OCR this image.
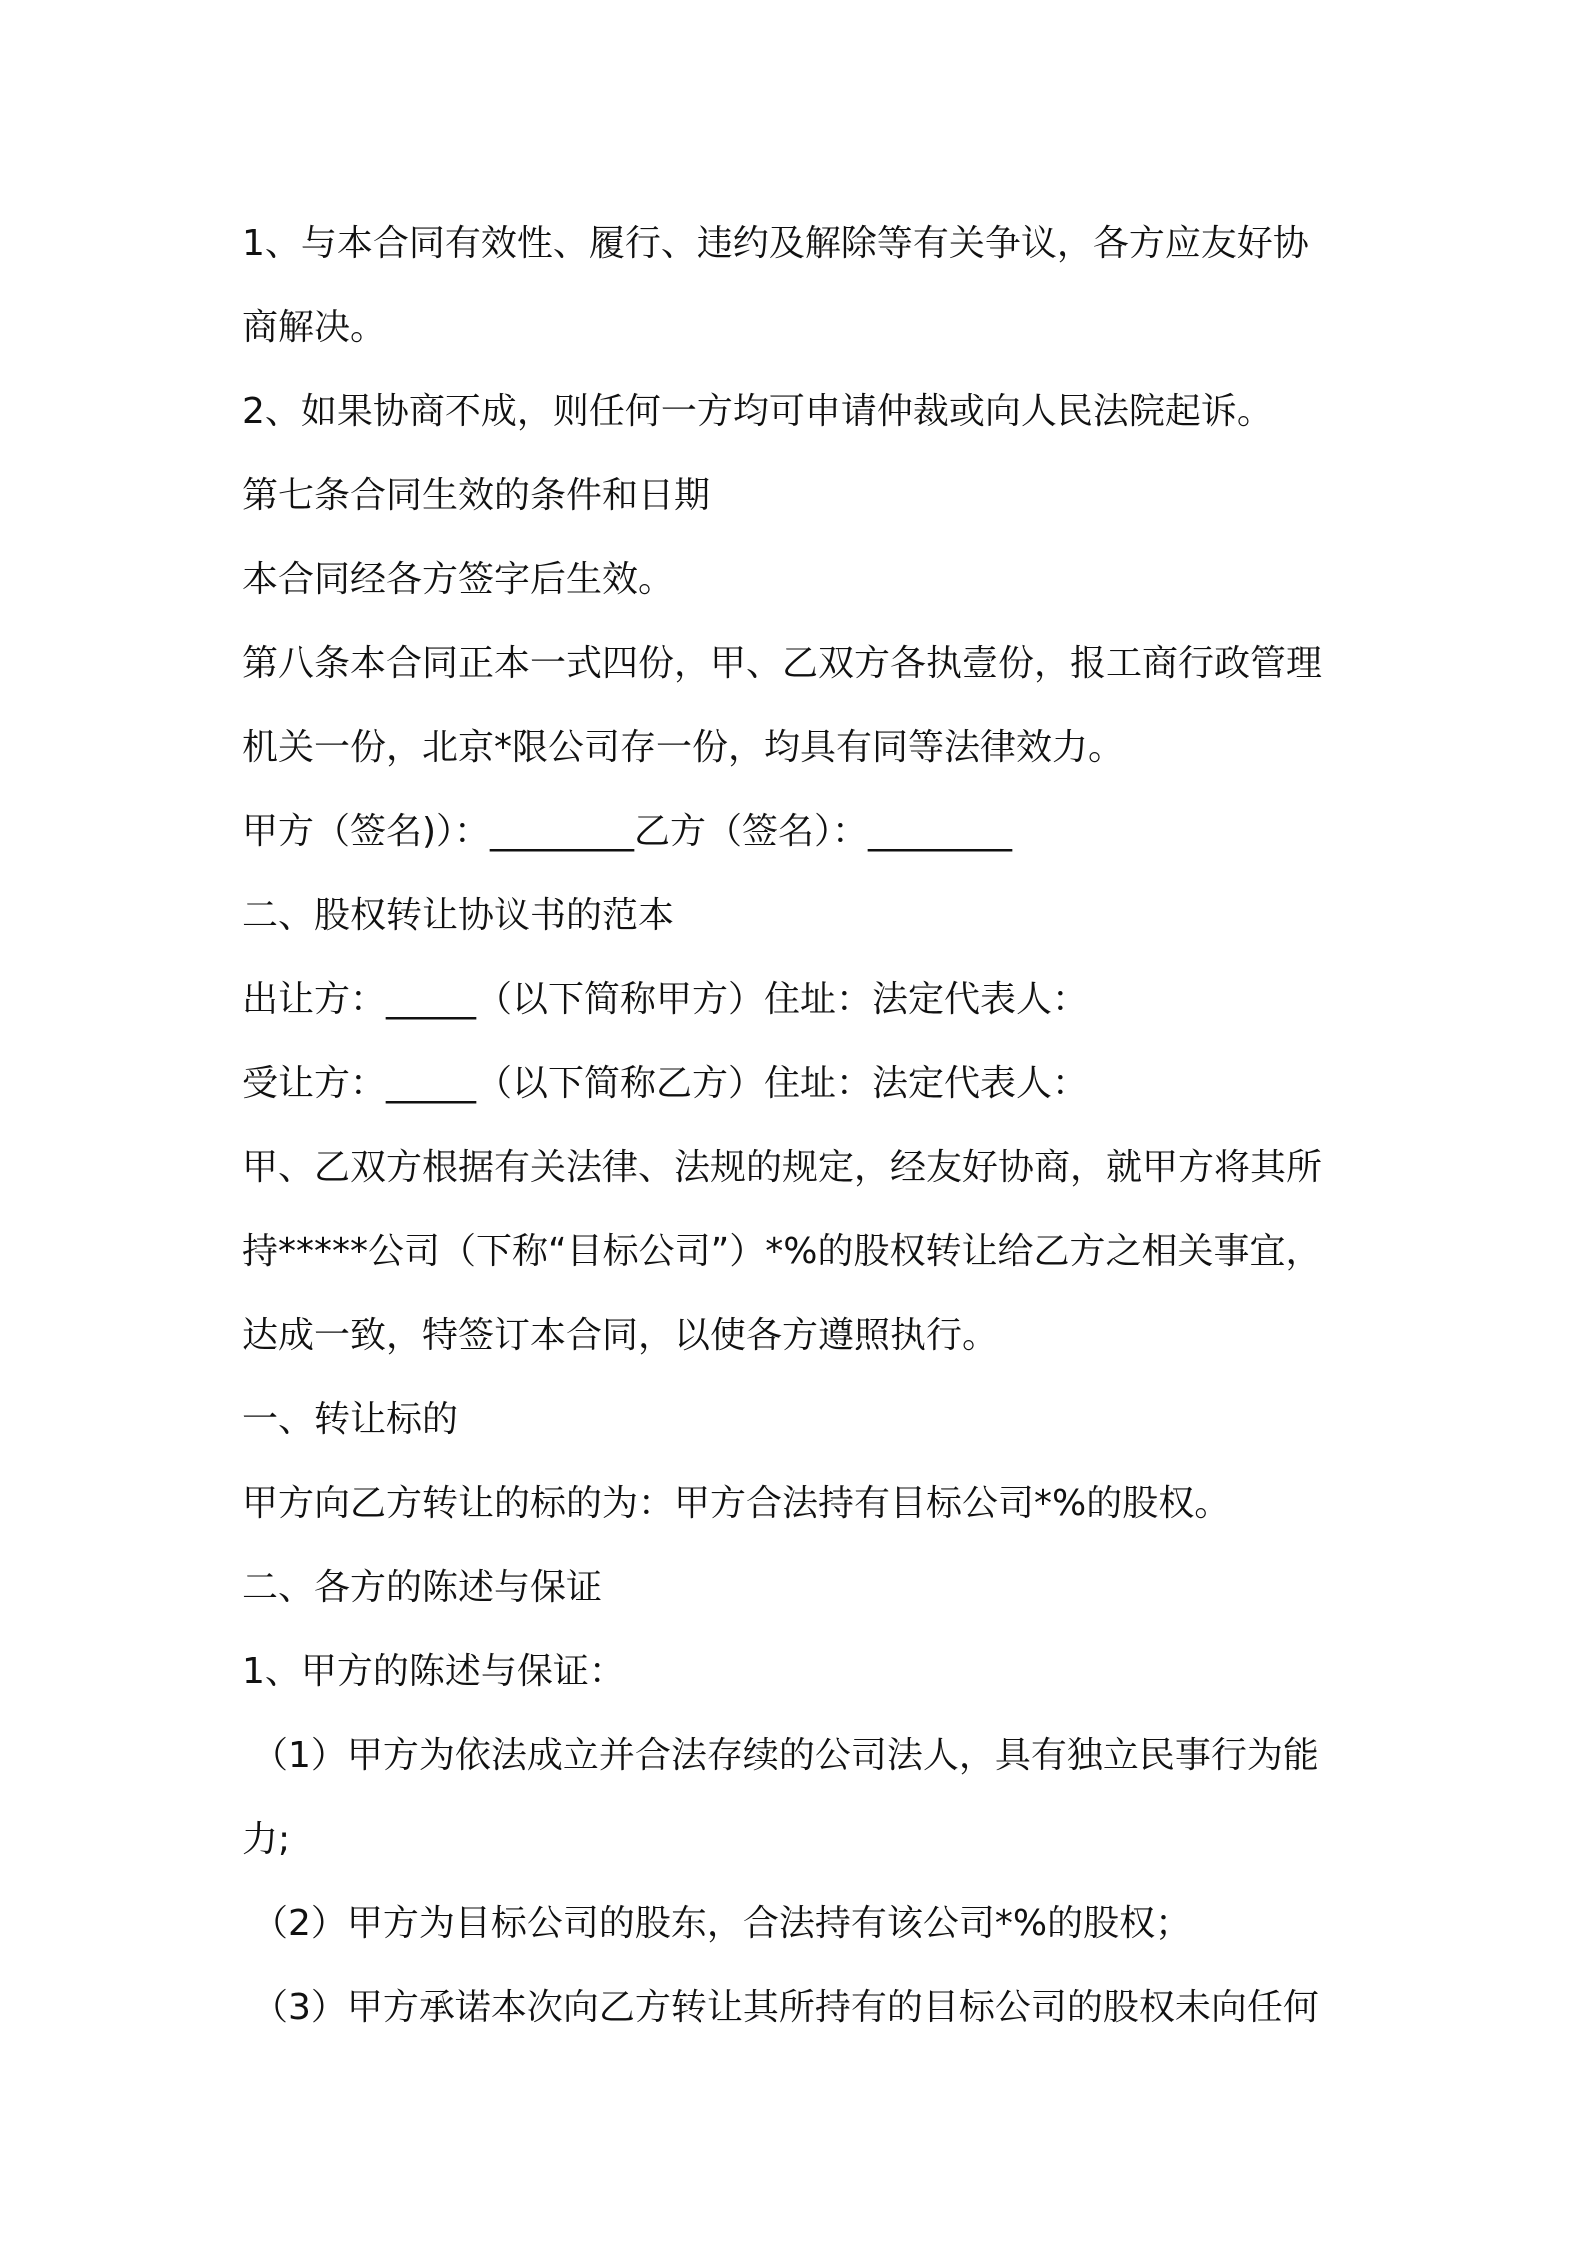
1、与本合同有效性、履行、违约及解除等有关争议，各方应友好协

商解决。

2、如果协商不成，则任何一方均可申请仲裁或向人民法院起诉。

第七条合同生效的条件和日期

本合同经各方签字后生效。

第八条本合同正本一式四份，甲、乙双方各执壹份，报工商行政管理

机关一份，北京*限公司存一份，均具有同等法律效力。

甲方（签名)）：________乙方（签名）：________

二、股权转让协议书的范本

出让方：_____（以下简称甲方）住址：法定代表人：

受让方：_____（以下简称乙方）住址：法定代表人：

甲、乙双方根据有关法律、法规的规定，经友好协商，就甲方将其所

持*****公司（下称“目标公司”）*%的股权转让给乙方之相关事宜，

达成一致，特签订本合同，以使各方遵照执行。

一、转让标的

甲方向乙方转让的标的为：甲方合法持有目标公司*%的股权。

二、各方的陈述与保证

1、甲方的陈述与保证：

（1）甲方为依法成立并合法存续的公司法人，具有独立民事行为能

力;

（2）甲方为目标公司的股东，合法持有该公司*%的股权；

（3）甲方承诺本次向乙方转让其所持有的目标公司的股权未向任何
